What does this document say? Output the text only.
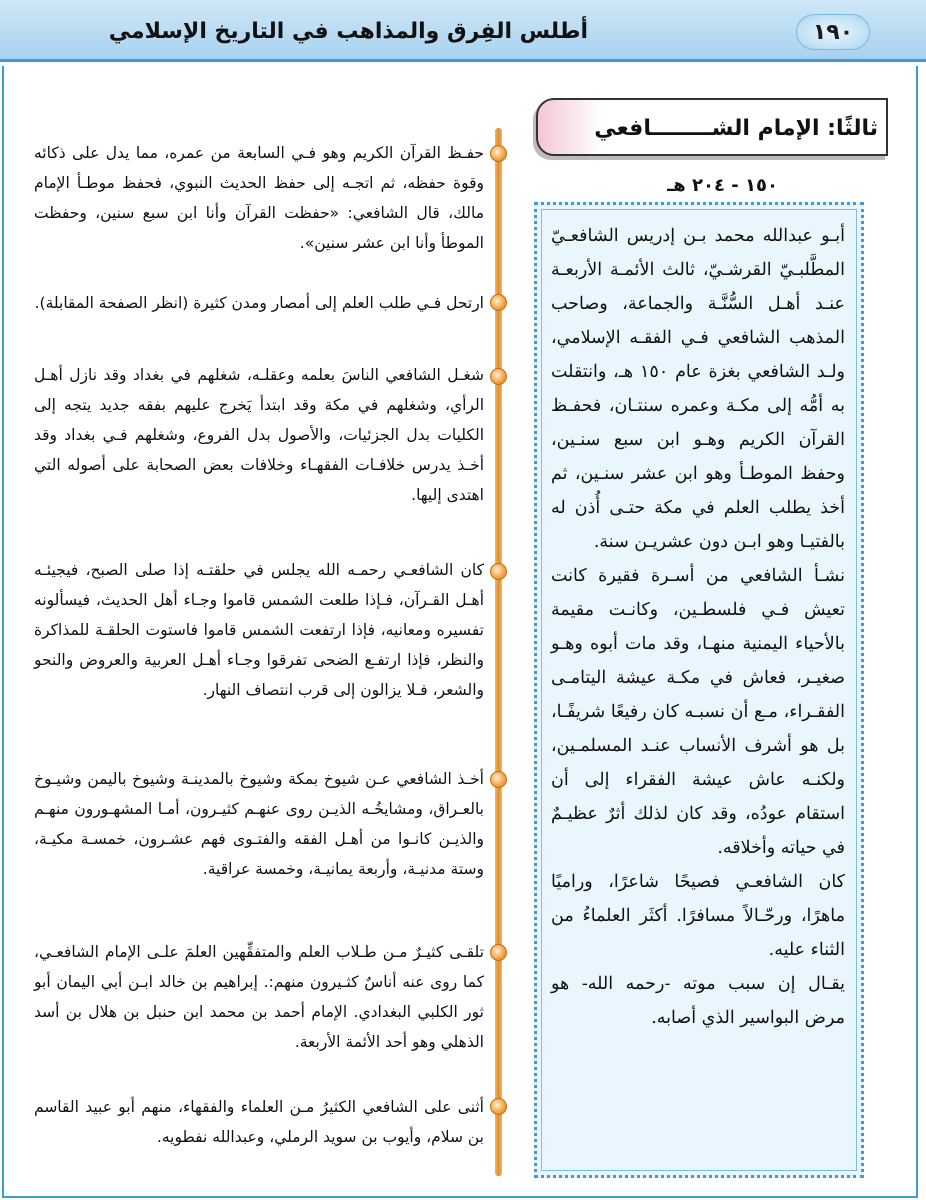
١٩٠
أطلس الفِرق والمذاهب في التاريخ الإسلامي
ثالثًا: الإمام الشــــــــافعي
١٥٠ - ٢٠٤ هـ

أبـو عبدالله محمد بـن إدريس الشافعـيّ المطَّلبـيّ القرشـيّ، ثالث الأئمـة الأربعـة عنـد أهـل السُّنَّـة والجماعة، وصاحب المذهب الشافعي فـي الفقـه الإسلامي، ولـد الشافعي بغزة عام ١٥٠ هـ، وانتقلت به أمُّه إلى مكـة وعمره سنتـان، فحفـظ القرآن الكريم وهـو ابن سبع سنـين، وحفظ الموطـأ وهو ابن عشر سنـين، ثم أخذ يطلب العلم في مكة حتـى أُذن له بالفتيـا وهو ابـن دون عشريـن سنة.

نشـأ الشافعي من أسـرة فقيرة كانت تعيش فـي فلسطـين، وكانـت مقيمة بالأحياء اليمنية منهـا، وقد مات أبوه وهـو صغيـر، فعاش في مكـة عيشة اليتامـى الفقـراء، مـع أن نسبـه كان رفيعًا شريفًـا، بل هو أشرف الأنساب عنـد المسلمـين، ولكنـه عاش عيشة الفقراء إلى أن استقام عودُه، وقد كان لذلك أثرٌ عظيـمٌ في حياته وأخلاقه.

كان الشافعـي فصيحًا شاعرًا، وراميًا ماهرًا، ورحّـالاً مسافرًا. أكثَر العلماءُ من الثناء عليه.

يقـال إن سبب موته -رحمه الله- هو مرض البواسير الذي أصابه.

حفـظ القرآن الكريم وهو فـي السابعة من عمره، مما يدل على ذكائه وقوة حفظه، ثم اتجـه إلى حفظ الحديث النبوي، فحفظ موطـأ الإمام مالك، قال الشافعي: «حفظت القرآن وأنا ابن سبع سنين، وحفظت الموطأ وأنا ابن عشر سنين».
ارتحل فـي طلب العلم إلى أمصار ومدن كثيرة (انظر الصفحة المقابلة).
شغـل الشافعي الناسَ بعلمه وعقلـه، شغلهم في بغداد وقد نازل أهـل الرأي، وشغلهم في مكة وقد ابتدأ يَخرج عليهم بفقه جديد يتجه إلى الكليات بدل الجزئيات، والأصول بدل الفروع، وشغلهم فـي بغداد وقد أخـذ يدرس خلافـات الفقهـاء وخلافات بعض الصحابة على أصوله التي اهتدى إليها.
كان الشافعـي رحمـه الله يجلس في حلقتـه إذا صلى الصبح، فيجيئـه أهـل القـرآن، فـإذا طلعت الشمس قاموا وجـاء أهل الحديث، فيسألونه تفسيره ومعانيه، فإذا ارتفعت الشمس قاموا فاستوت الحلقـة للمذاكرة والنظر، فإذا ارتفـع الضحى تفرقوا وجـاء أهـل العربية والعروض والنحو والشعر، فـلا يزالون إلى قرب انتصاف النهار.
أخـذ الشافعي عـن شيوخ بمكة وشيوخ بالمدينـة وشيوخ باليمن وشيـوخ بالعـراق، ومشايخُـه الذيـن روى عنهـم كثيـرون، أمـا المشهـورون منهـم والذيـن كانـوا من أهـل الفقه والفتـوى فهم عشـرون، خمسـة مكيـة، وستة مدنيـة، وأربعة يمانيـة، وخمسة عراقية.
تلقـى كثيـرٌ مـن طـلاب العلم والمتفقِّهين العلمَ علـى الإمام الشافعـي، كما روى عنه أناسٌ كثـيرون منهم:. إبراهيم بن خالد ابـن أبي اليمان أبو ثور الكلبي البغدادي. الإمام أحمد بن محمد ابن حنبل بن هلال بن أسد الذهلي وهو أحد الأئمة الأربعة.
أثنى على الشافعي الكثيرُ مـن العلماء والفقهاء، منهم أبو عبيد القاسم بن سلام، وأيوب بن سويد الرملي، وعبدالله نفطويه.
